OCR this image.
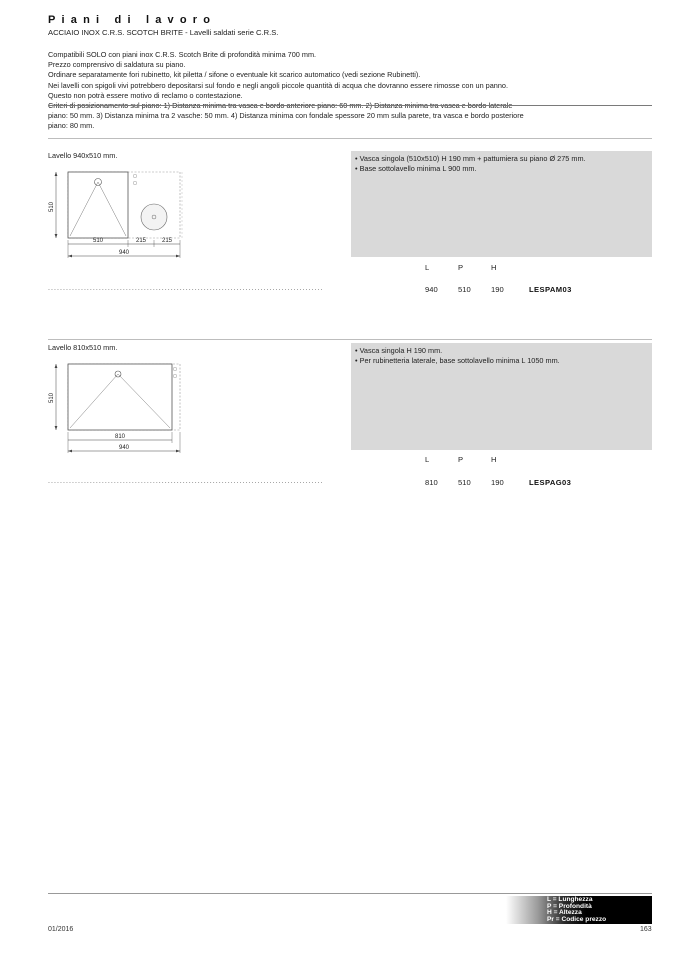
Piani di lavoro
ACCIAIO INOX C.R.S. SCOTCH BRITE - Lavelli saldati serie C.R.S.
Compatibili SOLO con piani inox C.R.S. Scotch Brite di profondità minima 700 mm.
Prezzo comprensivo di saldatura su piano.
Ordinare separatamente fori rubinetto, kit piletta / sifone o eventuale kit scarico automatico (vedi sezione Rubinetti).
Nei lavelli con spigoli vivi potrebbero depositarsi sul fondo e negli angoli piccole quantità di acqua che dovranno essere rimosse con un panno.
Questo non potrà essere motivo di reclamo o contestazione.
Criteri di posizionamento sul piano: 1) Distanza minima tra vasca e bordo anteriore piano: 60 mm. 2) Distanza minima tra vasca e bordo laterale
piano: 50 mm. 3) Distanza minima tra 2 vasche: 50 mm. 4) Distanza minima con fondale spessore 20 mm sulla parete, tra vasca e bordo posteriore
piano: 80 mm.
Lavello 940x510 mm.
510
510	215	215
940
• Vasca singola (510x510) H 190 mm + pattumiera su piano Ø 275 mm.
• Base sottolavello minima L 900 mm.
L	P	H
............................................................................................	940	510	190	LESPAM03
Lavello 810x510 mm.
510
810
940
• Vasca singola H 190 mm.
• Per rubinetteria laterale, base sottolavello minima L 1050 mm.
L	P	H
............................................................................................	810	510	190	LESPAG03
L = Lunghezza
P = Profondità
H = Altezza
Pr = Codice prezzo
01/2016	163
